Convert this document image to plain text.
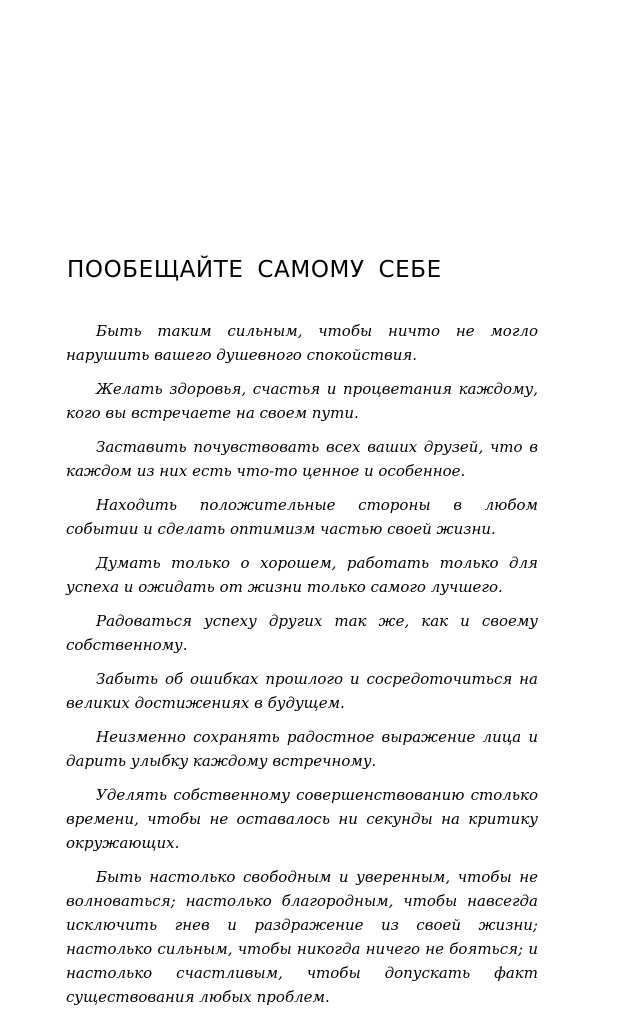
ПООБЕЩАЙТЕ САМОМУ СЕБЕ

Быть таким сильным, чтобы ничто не могло нарушить вашего душевного спокойствия.

Желать здоровья, счастья и процветания каждому, кого вы встречаете на своем пути.

Заставить почувствовать всех ваших друзей, что в каждом из них есть что-то ценное и особенное.

Находить положительные стороны в любом событии и сделать оптимизм частью своей жизни.

Думать только о хорошем, работать только для успеха и ожидать от жизни только самого лучшего.

Радоваться успеху других так же, как и своему собственному.

Забыть об ошибках прошлого и сосредоточиться на великих достижениях в будущем.

Неизменно сохранять радостное выражение лица и дарить улыбку каждому встречному.

Уделять собственному совершенствованию столько времени, чтобы не оставалось ни секунды на критику окружающих.

Быть настолько свободным и уверенным, чтобы не волноваться; настолько благородным, чтобы навсегда исключить гнев и раздражение из своей жизни; настолько сильным, чтобы никогда ничего не бояться; и настолько счастливым, чтобы допускать факт существования любых проблем.
